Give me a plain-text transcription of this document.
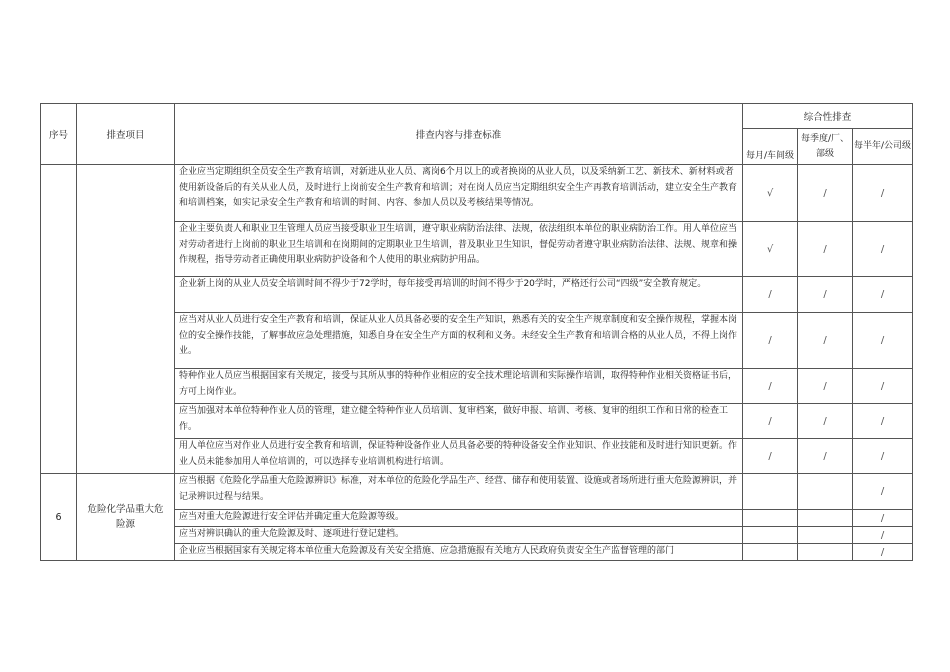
序号	排查项目	排查内容与排查标准	综合性排查		
			每月/车间级	每季度/厂、部级	每半年/公司级
		企业应当定期组织全员安全生产教育培训，对新进从业人员、离岗6个月以上的或者换岗的从业人员，以及采纳新工艺、新技术、新材料或者使用新设备后的有关从业人员，及时进行上岗前安全生产教育和培训；对在岗人员应当定期组织安全生产再教育培训活动，建立安全生产教育和培训档案，如实记录安全生产教育和培训的时间、内容、参加人员以及考核结果等情况。	√	/	/
		企业主要负责人和职业卫生管理人员应当接受职业卫生培训，遵守职业病防治法律、法规，依法组织本单位的职业病防治工作。用人单位应当对劳动者进行上岗前的职业卫生培训和在岗期间的定期职业卫生培训，普及职业卫生知识，督促劳动者遵守职业病防治法律、法规、规章和操作规程，指导劳动者正确使用职业病防护设备和个人使用的职业病防护用品。	√	/	/
		企业新上岗的从业人员安全培训时间不得少于72学时，每年接受再培训的时间不得少于20学时，严格还行公司“四级”安全教育规定。	/	/	/
		应当对从业人员进行安全生产教育和培训，保证从业人员具备必要的安全生产知识，熟悉有关的安全生产规章制度和安全操作规程，掌握本岗位的安全操作技能，了解事故应急处理措施，知悉自身在安全生产方面的权利和义务。未经安全生产教育和培训合格的从业人员，不得上岗作业。	/	/	/
		特种作业人员应当根据国家有关规定，接受与其所从事的特种作业相应的安全技术理论培训和实际操作培训，取得特种作业相关资格证书后，方可上岗作业。	/	/	/
		应当加强对本单位特种作业人员的管理，建立健全特种作业人员培训、复审档案，做好申报、培训、考核、复审的组织工作和日常的检查工作。	/	/	/
		用人单位应当对作业人员进行安全教育和培训，保证特种设备作业人员具备必要的特种设备安全作业知识、作业技能和及时进行知识更新。作业人员未能参加用人单位培训的，可以选择专业培训机构进行培训。	/	/	/
6	危险化学品重大危险源	应当根据《危险化学品重大危险源辨识》标准，对本单位的危险化学品生产、经营、储存和使用装置、设施或者场所进行重大危险源辨识，并记录辨识过程与结果。			/
		应当对重大危险源进行安全评估并确定重大危险源等级。			/
		应当对辨识确认的重大危险源及时、逐项进行登记建档。			/
		企业应当根据国家有关规定将本单位重大危险源及有关安全措施、应急措施报有关地方人民政府负责安全生产监督管理的部门			/
